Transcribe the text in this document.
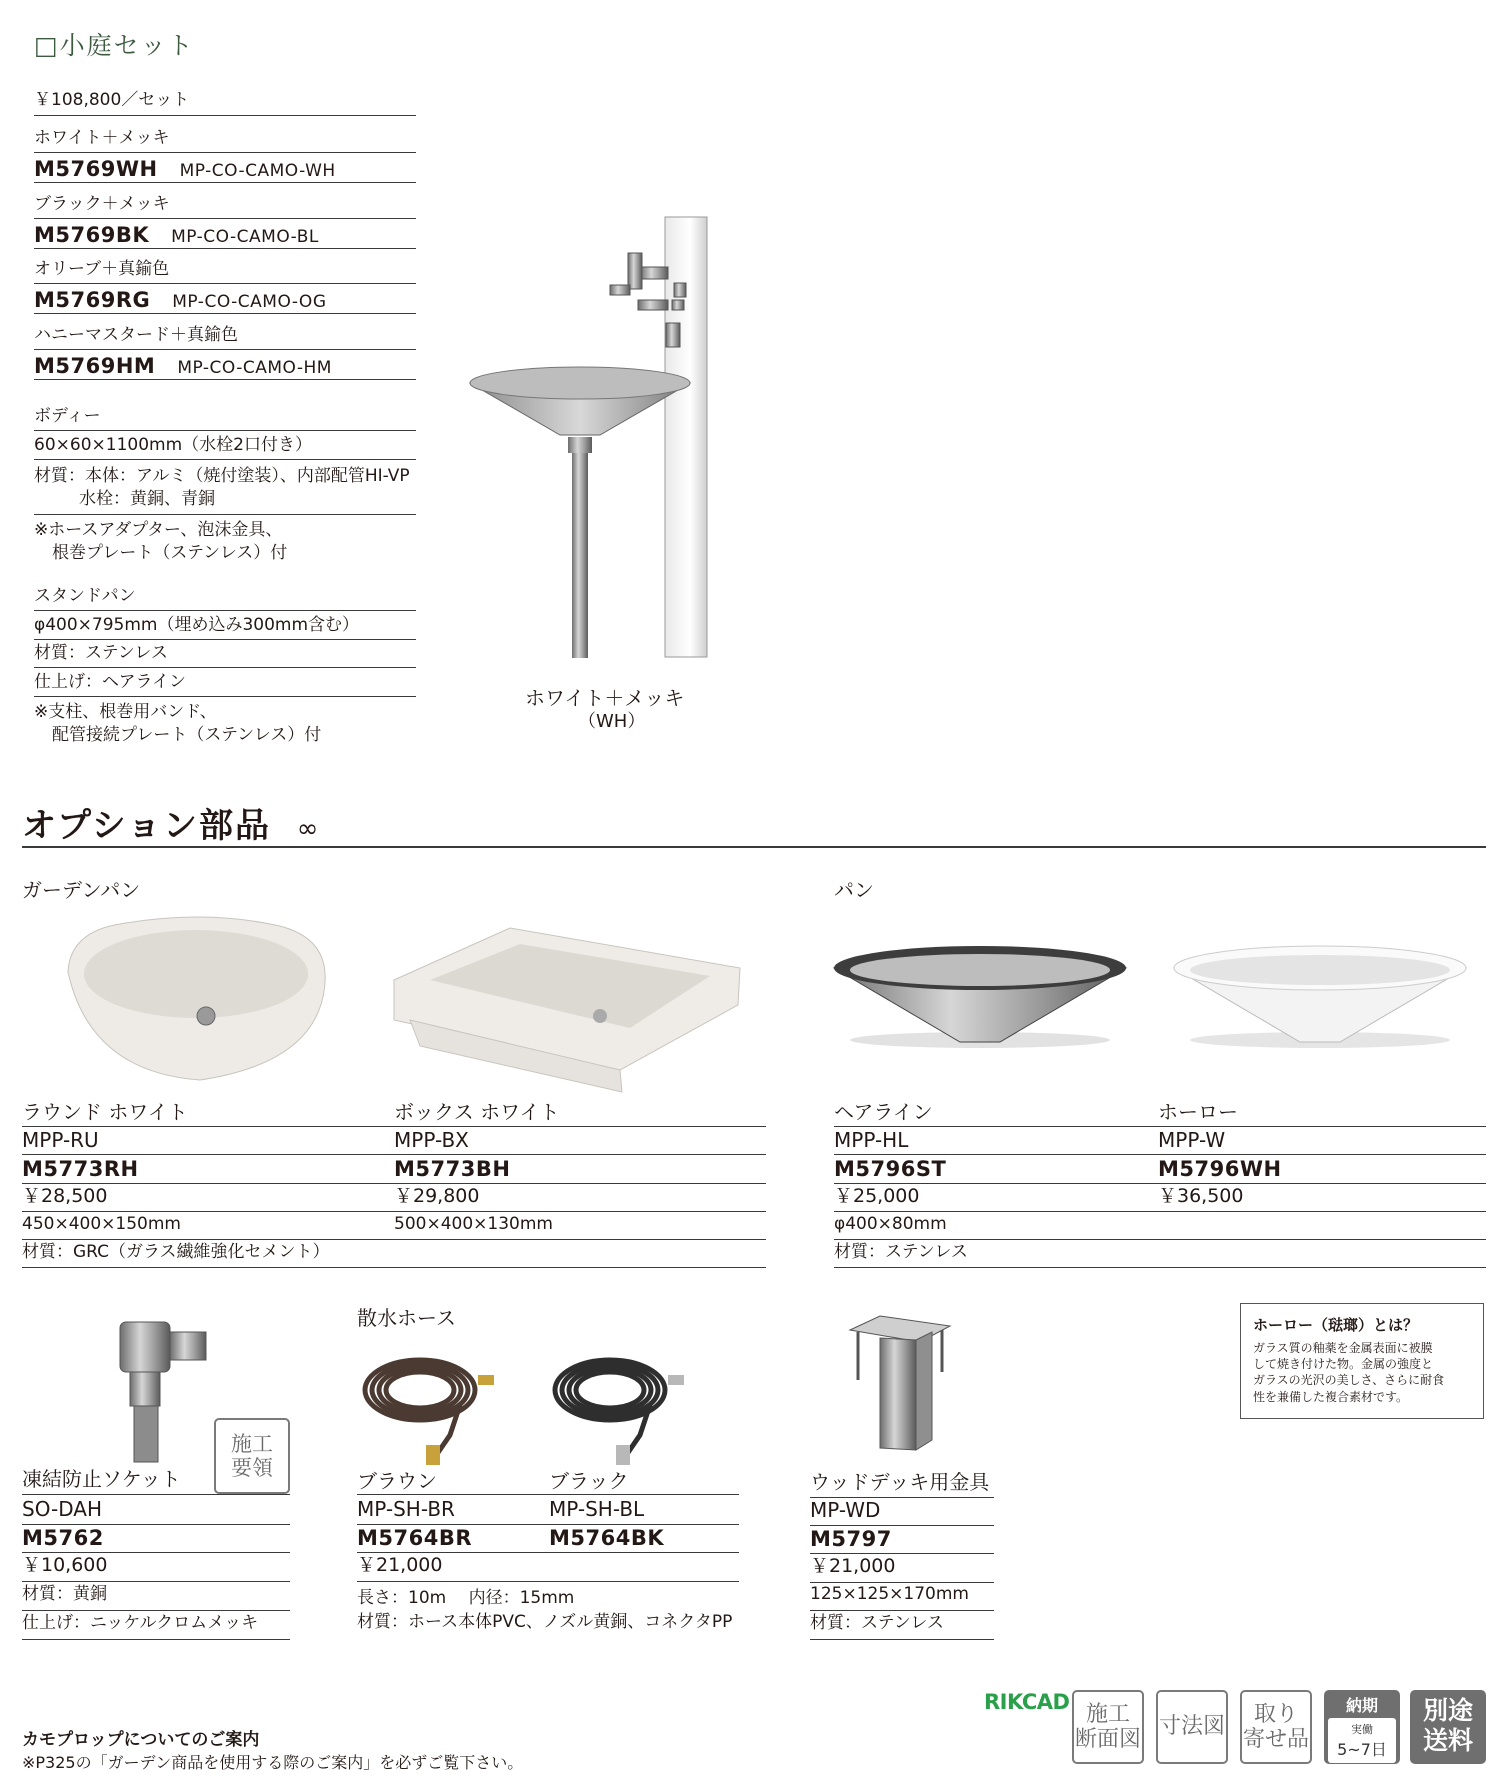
□小庭セット
￥108,800／セット
ホワイト＋メッキ
M5769WH MP-CO-CAMO-WH
ブラック＋メッキ
M5769BK MP-CO-CAMO-BL
オリーブ＋真鍮色
M5769RG MP-CO-CAMO-OG
ハニーマスタード＋真鍮色
M5769HM MP-CO-CAMO-HM
ボディー
60×60×1100mm（水栓2口付き）
材質：本体：アルミ（焼付塗装）、内部配管HI-VP
水栓：黄銅、青銅
※ホースアダプター、泡沫金具、
根巻プレート（ステンレス）付
スタンドパン
φ400×795mm（埋め込み300mm含む）
材質：ステンレス
仕上げ：ヘアライン
※支柱、根巻用バンド、
配管接続プレート（ステンレス）付
ホワイト＋メッキ
（WH）
オプション部品 ∞
ガーデンパン
ラウンド ホワイト	ボックス ホワイト
MPP-RU	MPP-BX
M5773RH	M5773BH
￥28,500	￥29,800
450×400×150mm	500×400×130mm
材質：GRC（ガラス繊維強化セメント）
パン
ヘアライン	ホーロー
MPP-HL	MPP-W
M5796ST	M5796WH
￥25,000	￥36,500
φ400×80mm
材質：ステンレス
施工
要領
凍結防止ソケット
SO-DAH
M5762
￥10,600
材質：黄銅
仕上げ：ニッケルクロムメッキ
散水ホース
ブラウン	ブラック
MP-SH-BR	MP-SH-BL
M5764BR	M5764BK
￥21,000
長さ：10m　 内径：15mm
材質：ホース本体PVC、ノズル黄銅、コネクタPP
ウッドデッキ用金具
MP-WD
M5797
￥21,000
125×125×170mm
材質：ステンレス
ホーロー（琺瑯）とは？
ガラス質の釉薬を金属表面に被膜
して焼き付けた物。金属の強度と
ガラスの光沢の美しさ、さらに耐食
性を兼備した複合素材です。
カモプロップについてのご案内
※P325の「ガーデン商品を使用する際のご案内」を必ずご覧下さい。
RIKCAD 施工
断面図
寸法図
取り
寄せ品
納期
実働
5~7日
別途
送料
